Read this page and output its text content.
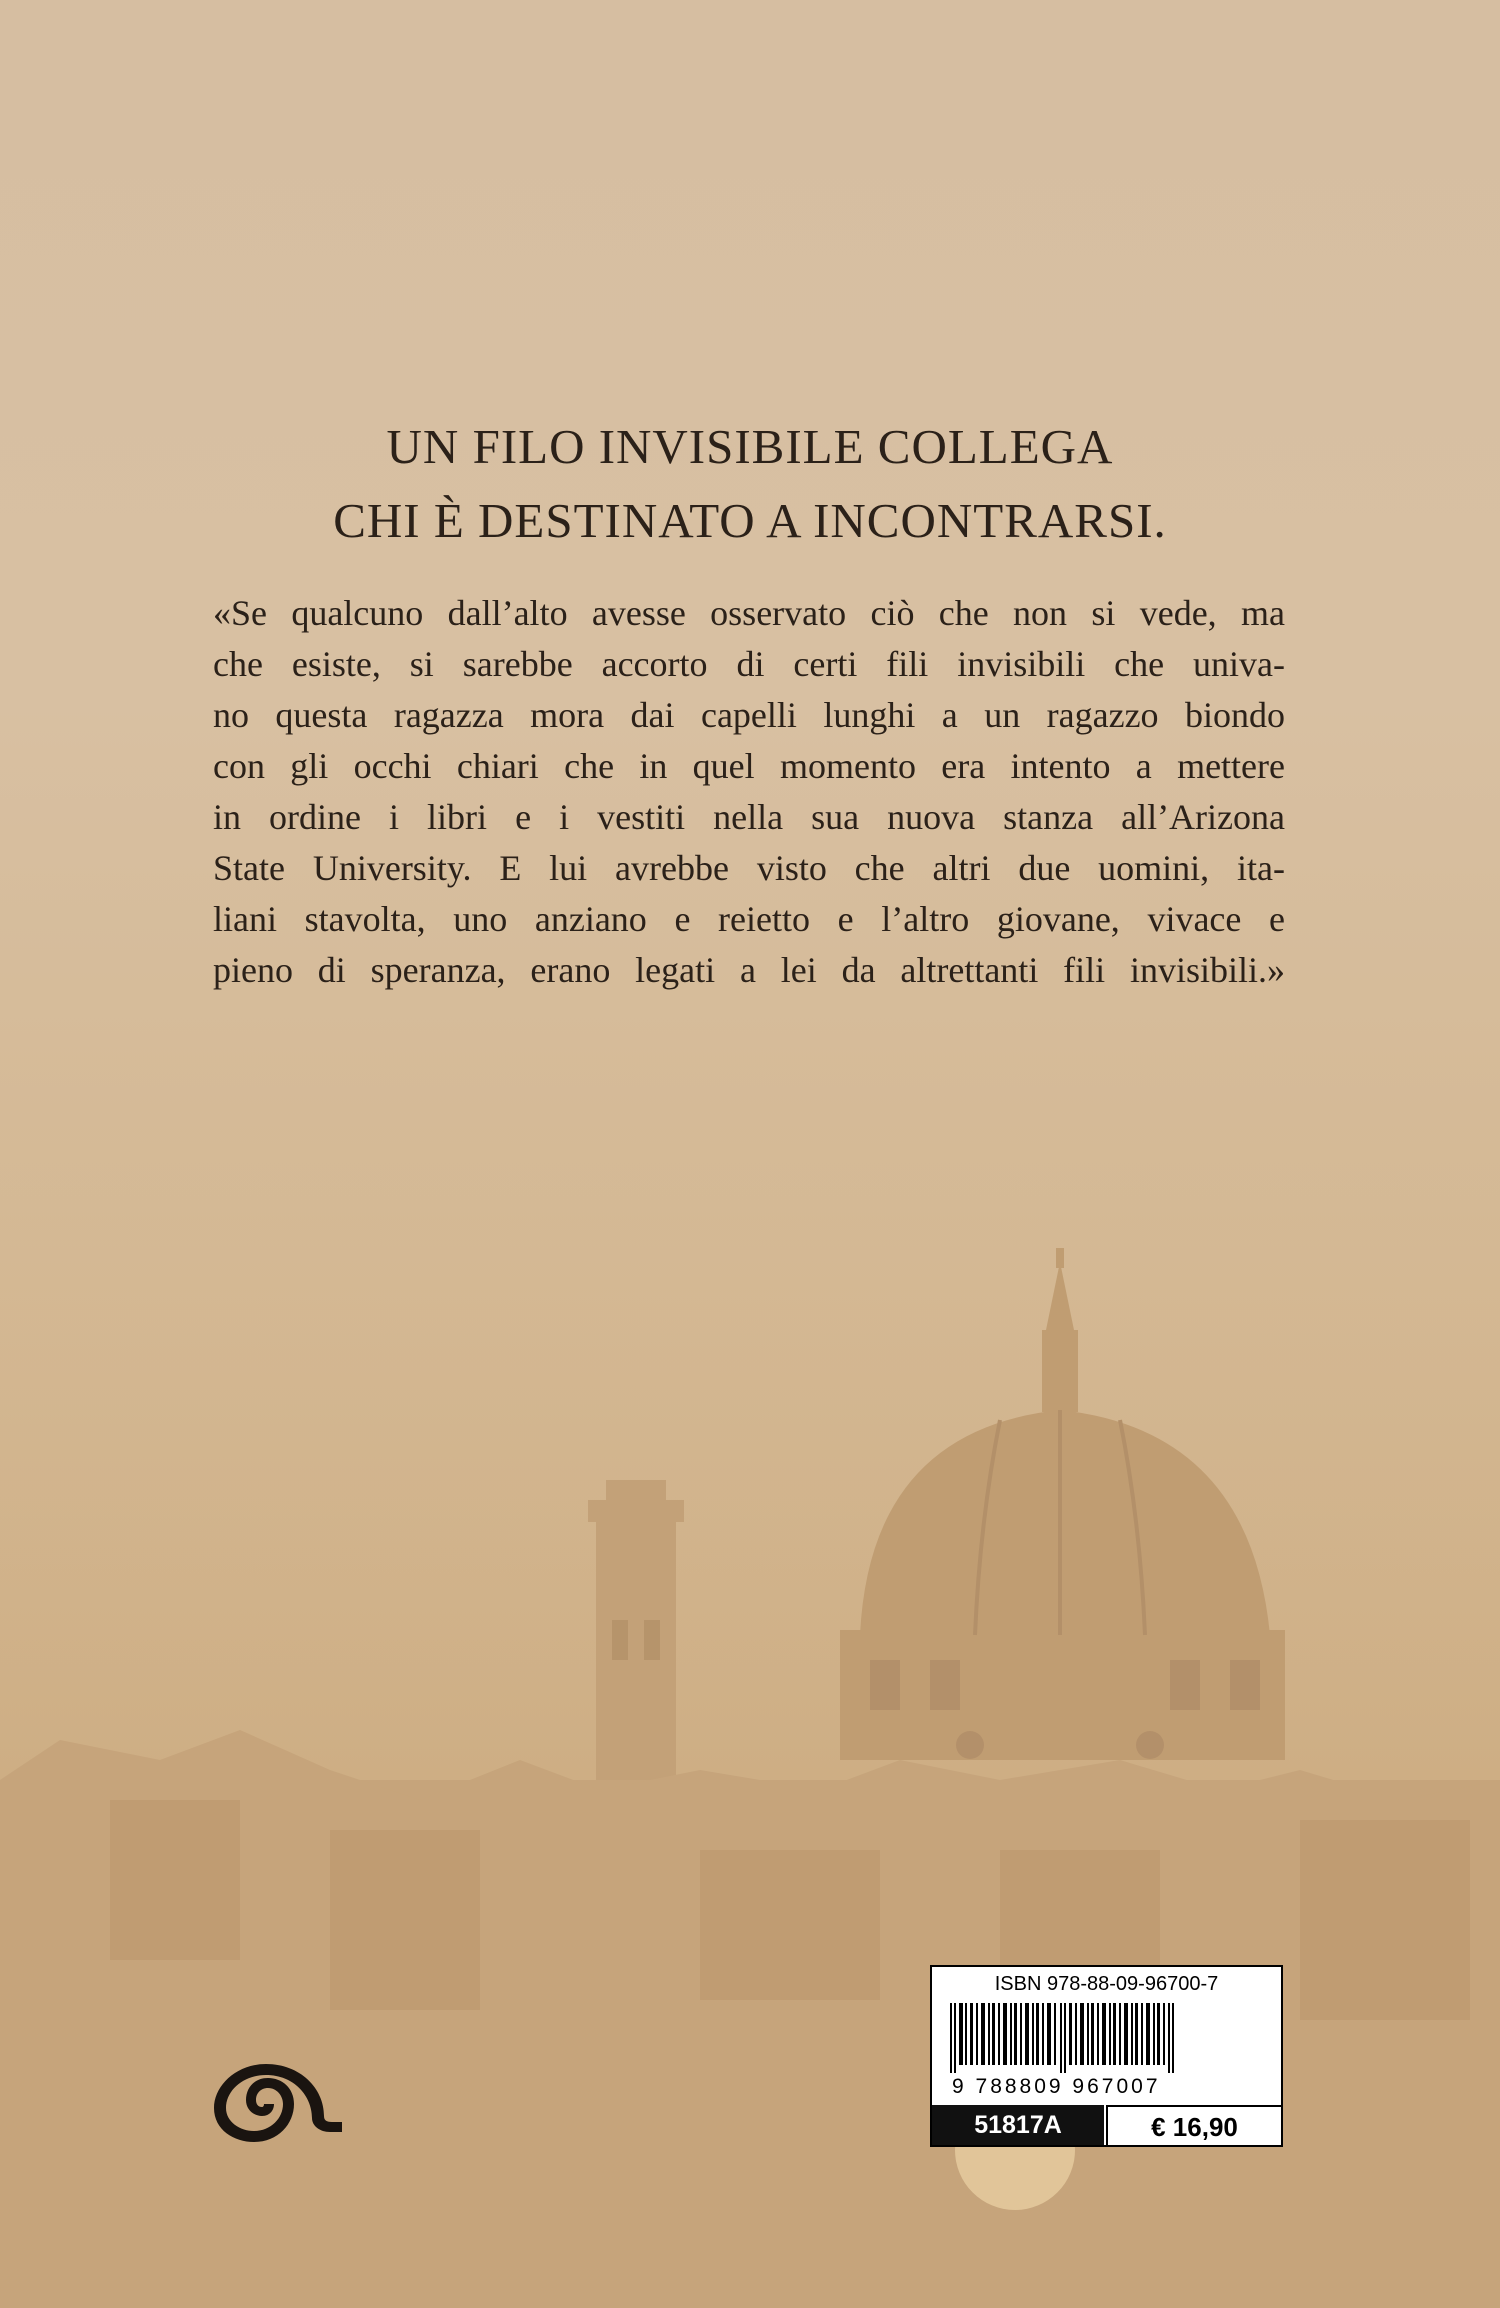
UN FILO INVISIBILE COLLEGA
CHI È DESTINATO A INCONTRARSI.
«Se qualcuno dall’alto avesse osservato ciò che non si vede, ma
che esiste, si sarebbe accorto di certi fili invisibili che univa-
no questa ragazza mora dai capelli lunghi a un ragazzo biondo
con gli occhi chiari che in quel momento era intento a mettere
in ordine i libri e i vestiti nella sua nuova stanza all’Arizona
State University. E lui avrebbe visto che altri due uomini, ita-
liani stavolta, uno anziano e reietto e l’altro giovane, vivace e
pieno di speranza, erano legati a lei da altrettanti fili invisibili.»
ISBN 978-88-09-96700-7
9 788809 967007
51817A	€ 16,90
